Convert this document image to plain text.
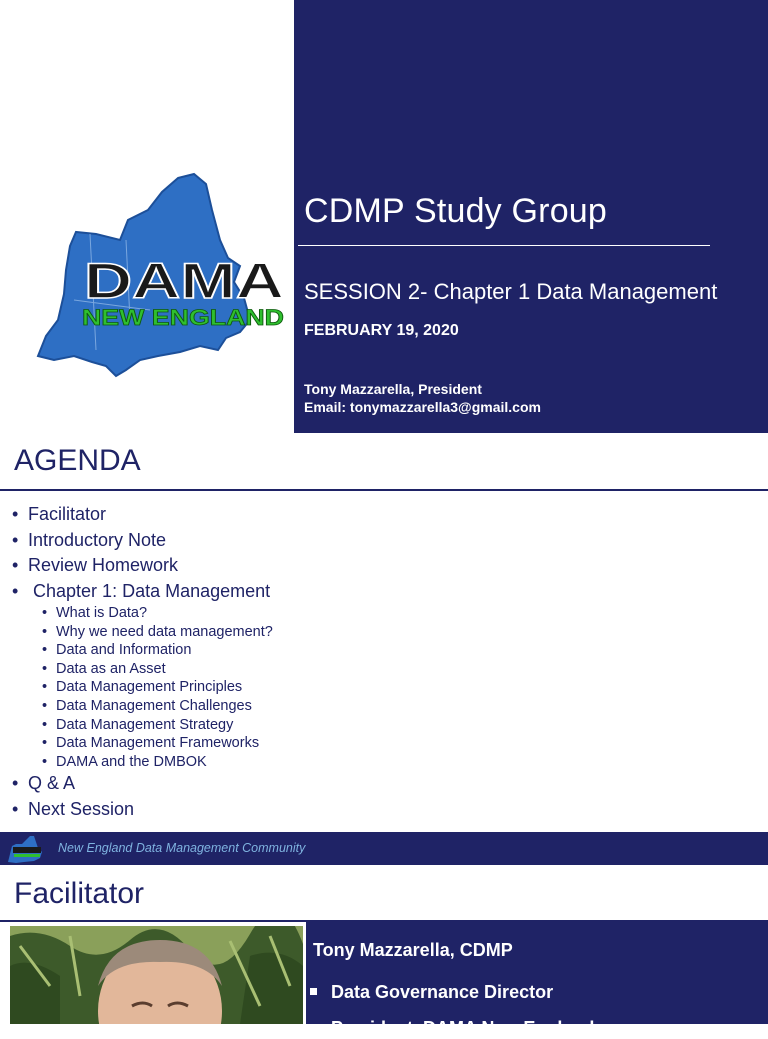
DAMA
NEW ENGLAND
CDMP Study Group
SESSION 2- Chapter 1 Data Management
FEBRUARY 19, 2020
Tony Mazzarella, President
Email: tonymazzarella3@gmail.com
AGENDA
• Facilitator
• Introductory Note
• Review Homework
• Chapter 1: Data Management
• What is Data?
• Why we need data management?
• Data and Information
• Data as an Asset
• Data Management Principles
• Data Management Challenges
• Data Management Strategy
• Data Management Frameworks
• DAMA and the DMBOK
• Q & A
• Next Session
New England Data Management Community
Facilitator
Tony Mazzarella, CDMP
Data Governance Director
President, DAMA New England
